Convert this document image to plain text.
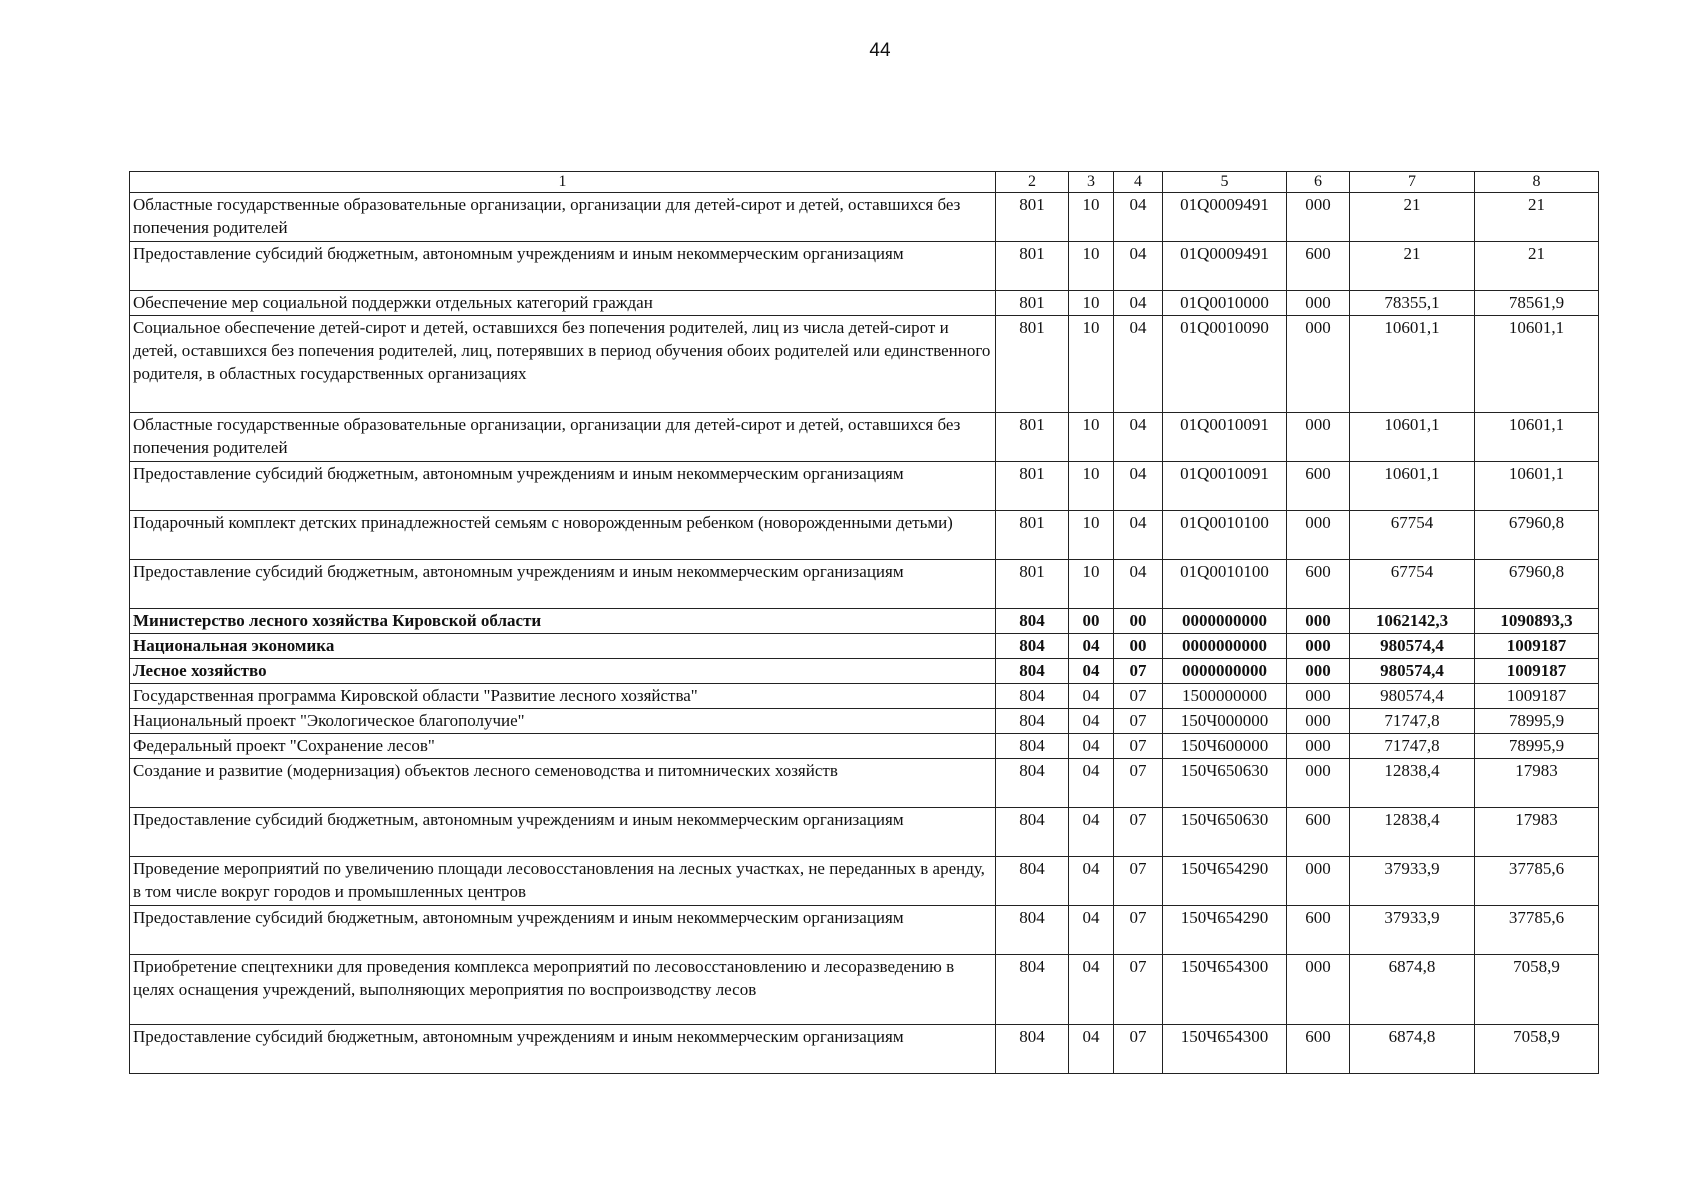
44
1	2	3	4	5	6	7	8
Областные государственные образовательные организации, организации для детей-сирот и детей, оставшихся без попечения родителей	801	10	04	01Q0009491	000	21	21
Предоставление субсидий бюджетным, автономным учреждениям и иным некоммерческим организациям	801	10	04	01Q0009491	600	21	21
Обеспечение мер социальной поддержки отдельных категорий граждан	801	10	04	01Q0010000	000	78355,1	78561,9
Социальное обеспечение детей-сирот и детей, оставшихся без попечения родителей, лиц из числа детей-сирот и детей, оставшихся без попечения родителей, лиц, потерявших в период обучения обоих родителей или единственного родителя, в областных государственных организациях	801	10	04	01Q0010090	000	10601,1	10601,1
Областные государственные образовательные организации, организации для детей-сирот и детей, оставшихся без попечения родителей	801	10	04	01Q0010091	000	10601,1	10601,1
Предоставление субсидий бюджетным, автономным учреждениям и иным некоммерческим организациям	801	10	04	01Q0010091	600	10601,1	10601,1
Подарочный комплект детских принадлежностей семьям с новорожденным ребенком (новорожденными детьми)	801	10	04	01Q0010100	000	67754	67960,8
Предоставление субсидий бюджетным, автономным учреждениям и иным некоммерческим организациям	801	10	04	01Q0010100	600	67754	67960,8
Министерство лесного хозяйства Кировской области	804	00	00	0000000000	000	1062142,3	1090893,3
Национальная экономика	804	04	00	0000000000	000	980574,4	1009187
Лесное хозяйство	804	04	07	0000000000	000	980574,4	1009187
Государственная программа Кировской области "Развитие лесного хозяйства"	804	04	07	1500000000	000	980574,4	1009187
Национальный проект "Экологическое благополучие"	804	04	07	150Ч000000	000	71747,8	78995,9
Федеральный проект "Сохранение лесов"	804	04	07	150Ч600000	000	71747,8	78995,9
Создание и развитие (модернизация) объектов лесного семеноводства и питомнических хозяйств	804	04	07	150Ч650630	000	12838,4	17983
Предоставление субсидий бюджетным, автономным учреждениям и иным некоммерческим организациям	804	04	07	150Ч650630	600	12838,4	17983
Проведение мероприятий по увеличению площади лесовосстановления на лесных участках, не переданных в аренду, в том числе вокруг городов и промышленных центров	804	04	07	150Ч654290	000	37933,9	37785,6
Предоставление субсидий бюджетным, автономным учреждениям и иным некоммерческим организациям	804	04	07	150Ч654290	600	37933,9	37785,6
Приобретение спецтехники для проведения комплекса мероприятий по лесовосстановлению и лесоразведению в целях оснащения учреждений, выполняющих мероприятия по воспроизводству лесов	804	04	07	150Ч654300	000	6874,8	7058,9
Предоставление субсидий бюджетным, автономным учреждениям и иным некоммерческим организациям	804	04	07	150Ч654300	600	6874,8	7058,9
